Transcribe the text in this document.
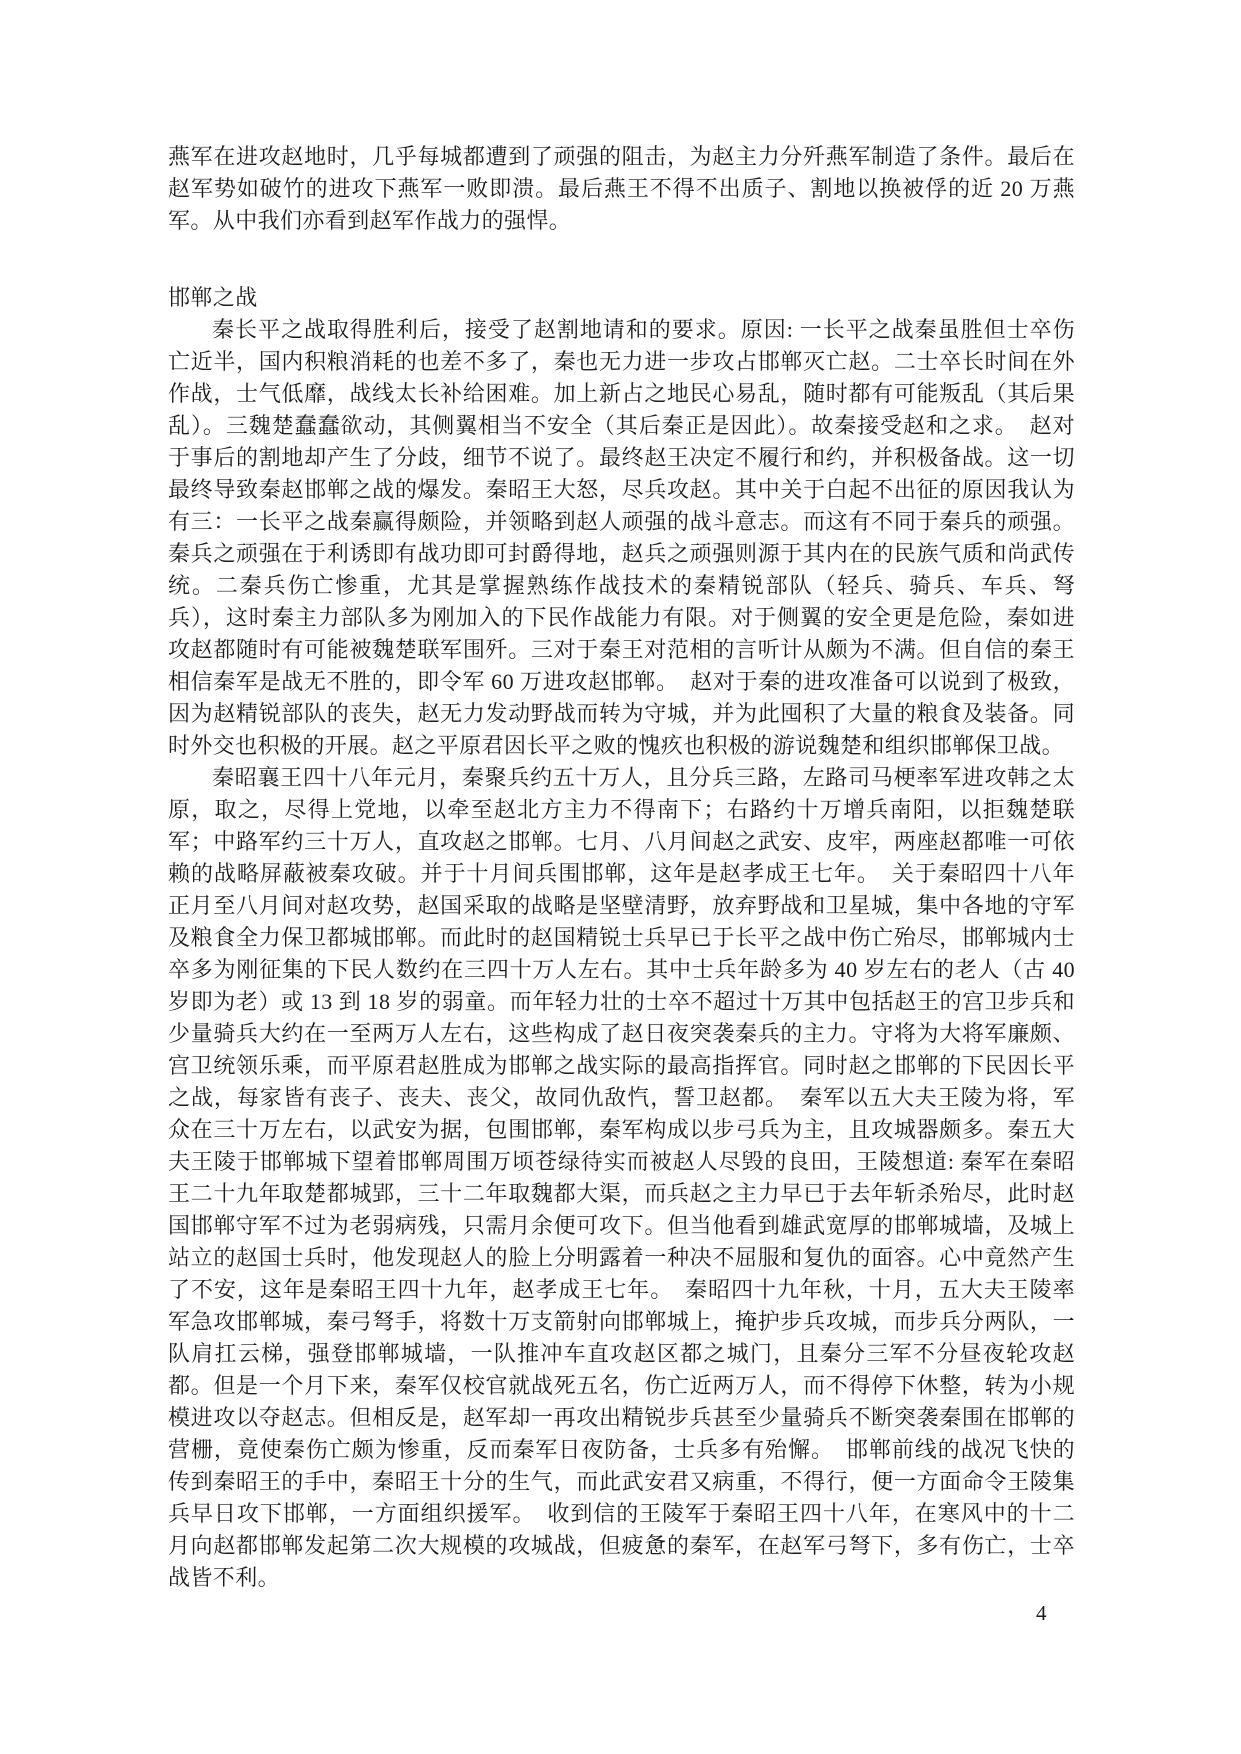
燕军在进攻赵地时，几乎每城都遭到了顽强的阻击，为赵主力分歼燕军制造了条件。最后在赵军势如破竹的进攻下燕军一败即溃。最后燕王不得不出质子、割地以换被俘的近 20 万燕军。从中我们亦看到赵军作战力的强悍。

邯郸之战

秦长平之战取得胜利后，接受了赵割地请和的要求。原因: 一长平之战秦虽胜但士卒伤亡近半，国内积粮消耗的也差不多了，秦也无力进一步攻占邯郸灭亡赵。二士卒长时间在外作战，士气低靡，战线太长补给困难。加上新占之地民心易乱，随时都有可能叛乱（其后果乱）。三魏楚蠢蠢欲动，其侧翼相当不安全（其后秦正是因此）。故秦接受赵和之求。　赵对于事后的割地却产生了分歧，细节不说了。最终赵王决定不履行和约，并积极备战。这一切最终导致秦赵邯郸之战的爆发。秦昭王大怒，尽兵攻赵。其中关于白起不出征的原因我认为有三：一长平之战秦赢得颇险，并领略到赵人顽强的战斗意志。而这有不同于秦兵的顽强。秦兵之顽强在于利诱即有战功即可封爵得地，赵兵之顽强则源于其内在的民族气质和尚武传统。二秦兵伤亡惨重，尤其是掌握熟练作战技术的秦精锐部队（轻兵、骑兵、车兵、弩兵），这时秦主力部队多为刚加入的下民作战能力有限。对于侧翼的安全更是危险，秦如进攻赵都随时有可能被魏楚联军围歼。三对于秦王对范相的言听计从颇为不满。但自信的秦王相信秦军是战无不胜的，即令军 60 万进攻赵邯郸。　赵对于秦的进攻准备可以说到了极致，因为赵精锐部队的丧失，赵无力发动野战而转为守城，并为此囤积了大量的粮食及装备。同时外交也积极的开展。赵之平原君因长平之败的愧疚也积极的游说魏楚和组织邯郸保卫战。

秦昭襄王四十八年元月，秦聚兵约五十万人，且分兵三路，左路司马梗率军进攻韩之太原，取之，尽得上党地，以牵至赵北方主力不得南下；右路约十万增兵南阳，以拒魏楚联军；中路军约三十万人，直攻赵之邯郸。七月、八月间赵之武安、皮牢，两座赵都唯一可依赖的战略屏蔽被秦攻破。并于十月间兵围邯郸，这年是赵孝成王七年。　关于秦昭四十八年正月至八月间对赵攻势，赵国采取的战略是坚壁清野，放弃野战和卫星城，集中各地的守军及粮食全力保卫都城邯郸。而此时的赵国精锐士兵早已于长平之战中伤亡殆尽，邯郸城内士卒多为刚征集的下民人数约在三四十万人左右。其中士兵年龄多为 40 岁左右的老人（古 40 岁即为老）或 13 到 18 岁的弱童。而年轻力壮的士卒不超过十万其中包括赵王的宫卫步兵和少量骑兵大约在一至两万人左右，这些构成了赵日夜突袭秦兵的主力。守将为大将军廉颇、宫卫统领乐乘，而平原君赵胜成为邯郸之战实际的最高指挥官。同时赵之邯郸的下民因长平之战，每家皆有丧子、丧夫、丧父，故同仇敌忾，誓卫赵都。　秦军以五大夫王陵为将，军众在三十万左右，以武安为据，包围邯郸，秦军构成以步弓兵为主，且攻城器颇多。秦五大夫王陵于邯郸城下望着邯郸周围万顷苍绿待实而被赵人尽毁的良田，王陵想道: 秦军在秦昭王二十九年取楚都城郢，三十二年取魏都大渠，而兵赵之主力早已于去年斩杀殆尽，此时赵国邯郸守军不过为老弱病残，只需月余便可攻下。但当他看到雄武宽厚的邯郸城墙，及城上站立的赵国士兵时，他发现赵人的脸上分明露着一种决不屈服和复仇的面容。心中竟然产生了不安，这年是秦昭王四十九年，赵孝成王七年。　秦昭四十九年秋，十月，五大夫王陵率军急攻邯郸城，秦弓弩手，将数十万支箭射向邯郸城上，掩护步兵攻城，而步兵分两队，一队肩扛云梯，强登邯郸城墙，一队推冲车直攻赵区都之城门，且秦分三军不分昼夜轮攻赵都。但是一个月下来，秦军仅校官就战死五名，伤亡近两万人，而不得停下休整，转为小规模进攻以夺赵志。但相反是，赵军却一再攻出精锐步兵甚至少量骑兵不断突袭秦围在邯郸的营栅，竟使秦伤亡颇为惨重，反而秦军日夜防备，士兵多有殆懈。　邯郸前线的战况飞快的传到秦昭王的手中，秦昭王十分的生气，而此武安君又病重，不得行，便一方面命令王陵集兵早日攻下邯郸，一方面组织援军。　收到信的王陵军于秦昭王四十八年，在寒风中的十二月向赵都邯郸发起第二次大规模的攻城战，但疲惫的秦军，在赵军弓弩下，多有伤亡，士卒战皆不利。

4
